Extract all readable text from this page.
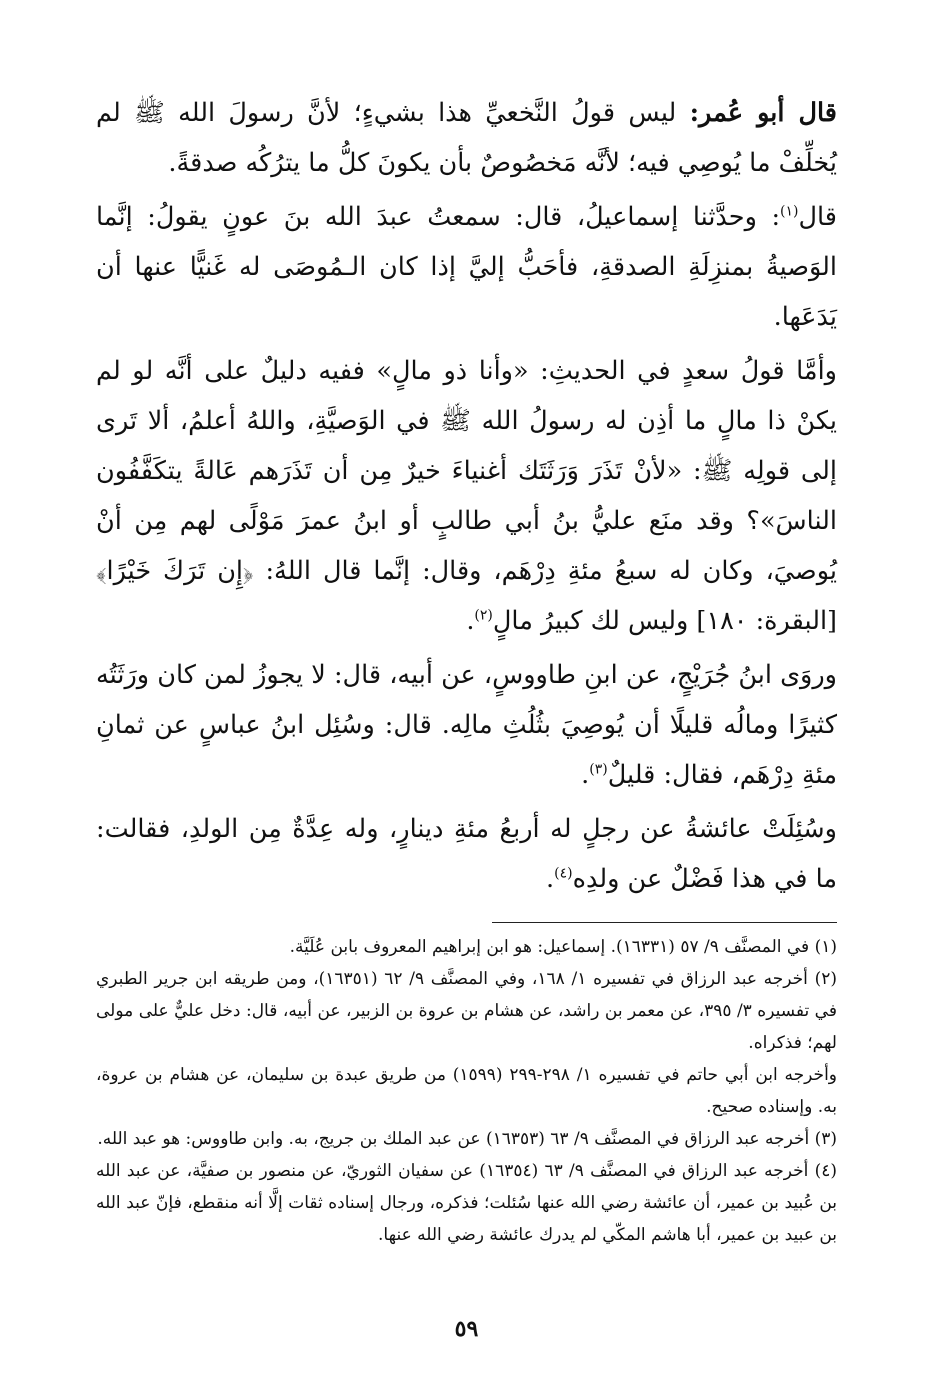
قال أبو عُمر: ليس قولُ النَّخعيِّ هذا بشيءٍ؛ لأنَّ رسولَ الله ﷺ لم يُخلِّفْ ما يُوصِي فيه؛ لأنَّه مَخصُوصٌ بأن يكونَ كلُّ ما يترُكُه صدقةً.

قال$^{(١)}$: وحدَّثنا إسماعيلُ، قال: سمعتُ عبدَ الله بنَ عونٍ يقولُ: إنَّما الوَصيةُ بمنزِلَةِ الصدقةِ، فأحَبُّ إليَّ إذا كان الـمُوصَى له غَنيًّا عنها أن يَدَعَها.

وأمَّا قولُ سعدٍ في الحديثِ: «وأنا ذو مالٍ» ففيه دليلٌ على أنَّه لو لم يكنْ ذا مالٍ ما أذِن له رسولُ الله ﷺ في الوَصيَّةِ، واللهُ أعلمُ، ألا تَرى إلى قولِه ﷺ: «لأنْ تَذَرَ وَرَثَتَك أغنياءَ خيرٌ مِن أن تَذَرَهم عَالةً يتكَفَّفُون الناسَ»؟ وقد منَع عليُّ بنُ أبي طالبٍ أو ابنُ عمرَ مَوْلًى لهم مِن أنْ يُوصيَ، وكان له سبعُ مئةِ دِرْهَم، وقال: إنَّما قال اللهُ: ﴿إِن تَرَكَ خَيْرًا﴾ [البقرة: ١٨٠] وليس لك كبيرُ مالٍ$^{(٢)}$.

وروَى ابنُ جُرَيْجٍ، عن ابنِ طاووسٍ، عن أبيه، قال: لا يجوزُ لمن كان ورَثَتُه كثيرًا ومالُه قليلًا أن يُوصِيَ بثُلُثِ مالِه. قال: وسُئِل ابنُ عباسٍ عن ثمانِ مئةِ دِرْهَم، فقال: قليلٌ$^{(٣)}$.

وسُئِلَتْ عائشةُ عن رجلٍ له أربعُ مئةِ دينارٍ، وله عِدَّةٌ مِن الولدِ، فقالت: ما في هذا فَضْلٌ عن ولدِه$^{(٤)}$.

(١) في المصنَّف ٩/ ٥٧ (١٦٣٣١). إسماعيل: هو ابن إبراهيم المعروف بابن عُلَيَّة.

(٢) أخرجه عبد الرزاق في تفسيره ١/ ١٦٨، وفي المصنَّف ٩/ ٦٢ (١٦٣٥١)، ومن طريقه ابن جرير الطبري في تفسيره ٣/ ٣٩٥، عن معمر بن راشد، عن هشام بن عروة بن الزبير، عن أبيه، قال: دخل عليٌّ على مولى لهم؛ فذكراه.

وأخرجه ابن أبي حاتم في تفسيره ١/ ٢٩٨-٢٩٩ (١٥٩٩) من طريق عبدة بن سليمان، عن هشام بن عروة، به. وإسناده صحيح.

(٣) أخرجه عبد الرزاق في المصنَّف ٩/ ٦٣ (١٦٣٥٣) عن عبد الملك بن جريج، به. وابن طاووس: هو عبد الله.

(٤) أخرجه عبد الرزاق في المصنَّف ٩/ ٦٣ (١٦٣٥٤) عن سفيان الثوريّ، عن منصور بن صفيَّة، عن عبد الله بن عُبيد بن عمير، أن عائشة رضي الله عنها سُئلت؛ فذكره، ورجال إسناده ثقات إلَّا أنه منقطع، فإنّ عبد الله بن عبيد بن عمير، أبا هاشم المكّي لم يدرك عائشة رضي الله عنها.

٥٩
